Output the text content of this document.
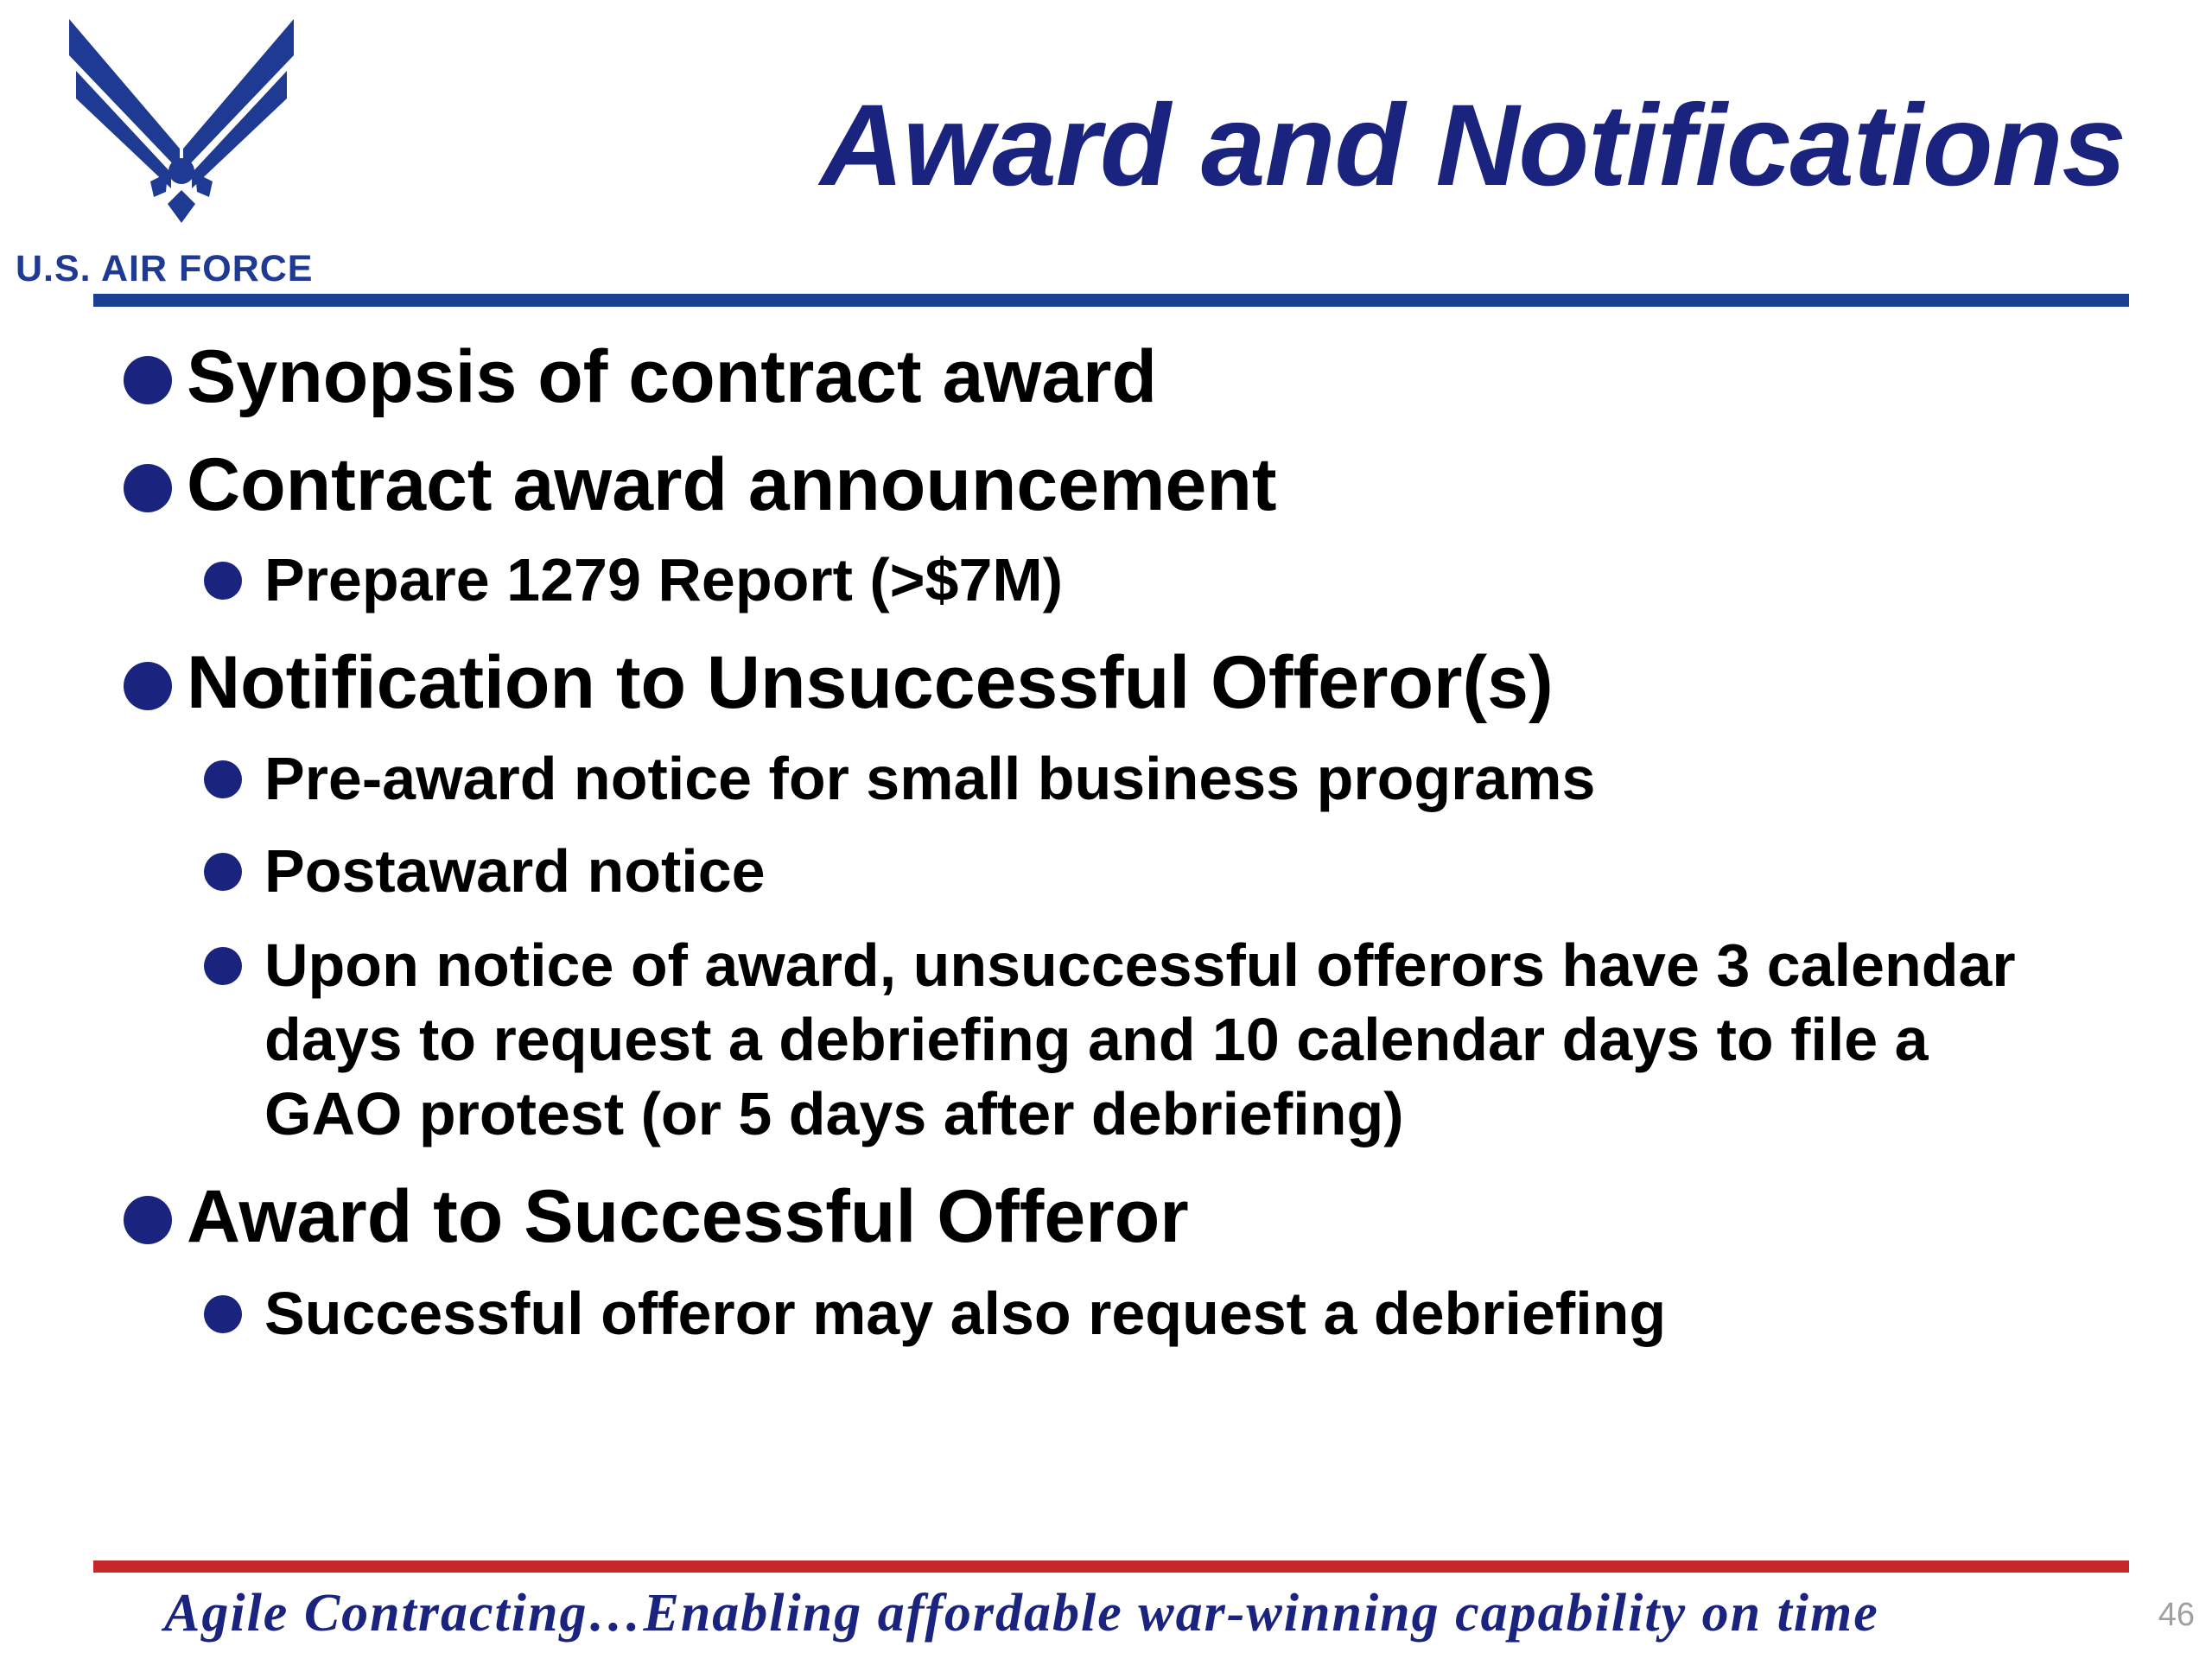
U.S. AIR FORCE
Award and Notifications
Synopsis of contract award
Contract award announcement
Prepare 1279 Report (>$7M)
Notification to Unsuccessful Offeror(s)
Pre-award notice for small business programs
Postaward notice
Upon notice of award, unsuccessful offerors have 3 calendar
days to request a debriefing and 10 calendar days to file a
GAO protest (or 5 days after debriefing)
Award to Successful Offeror
Successful offeror may also request a debriefing
Agile Contracting…Enabling affordable war-winning capability on time	46
